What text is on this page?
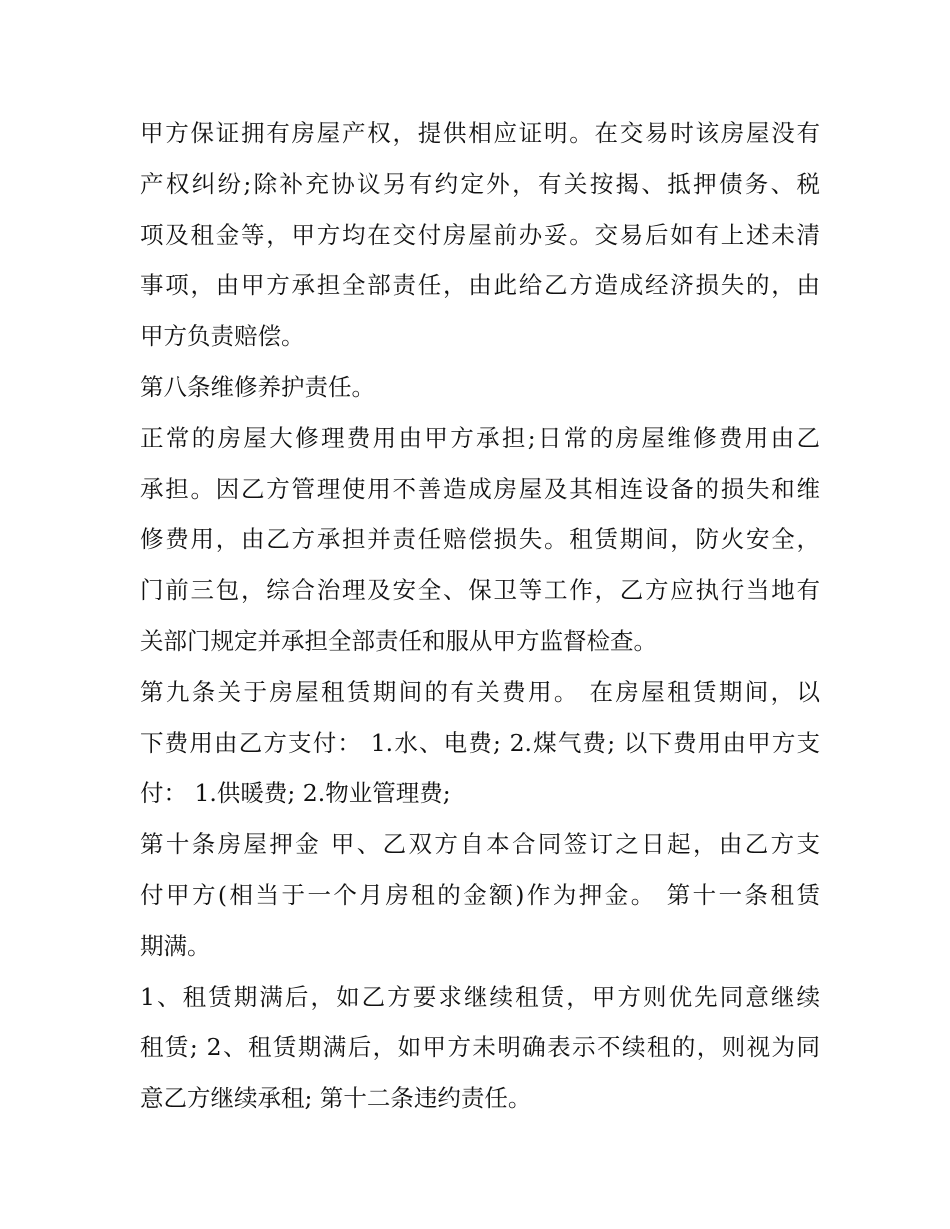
甲方保证拥有房屋产权，提供相应证明。在交易时该房屋没有
产权纠纷;除补充协议另有约定外，有关按揭、抵押债务、税
项及租金等，甲方均在交付房屋前办妥。交易后如有上述未清
事项，由甲方承担全部责任，由此给乙方造成经济损失的，由
甲方负责赔偿。
第八条维修养护责任。
正常的房屋大修理费用由甲方承担;日常的房屋维修费用由乙
承担。因乙方管理使用不善造成房屋及其相连设备的损失和维
修费用，由乙方承担并责任赔偿损失。租赁期间，防火安全，
门前三包，综合治理及安全、保卫等工作，乙方应执行当地有
关部门规定并承担全部责任和服从甲方监督检查。
第九条关于房屋租赁期间的有关费用。 在房屋租赁期间，以
下费用由乙方支付： 1.水、电费; 2.煤气费; 以下费用由甲方支
付： 1.供暖费; 2.物业管理费;
第十条房屋押金 甲、乙双方自本合同签订之日起，由乙方支
付甲方(相当于一个月房租的金额)作为押金。 第十一条租赁
期满。
1、租赁期满后，如乙方要求继续租赁，甲方则优先同意继续
租赁; 2、租赁期满后，如甲方未明确表示不续租的，则视为同
意乙方继续承租; 第十二条违约责任。
